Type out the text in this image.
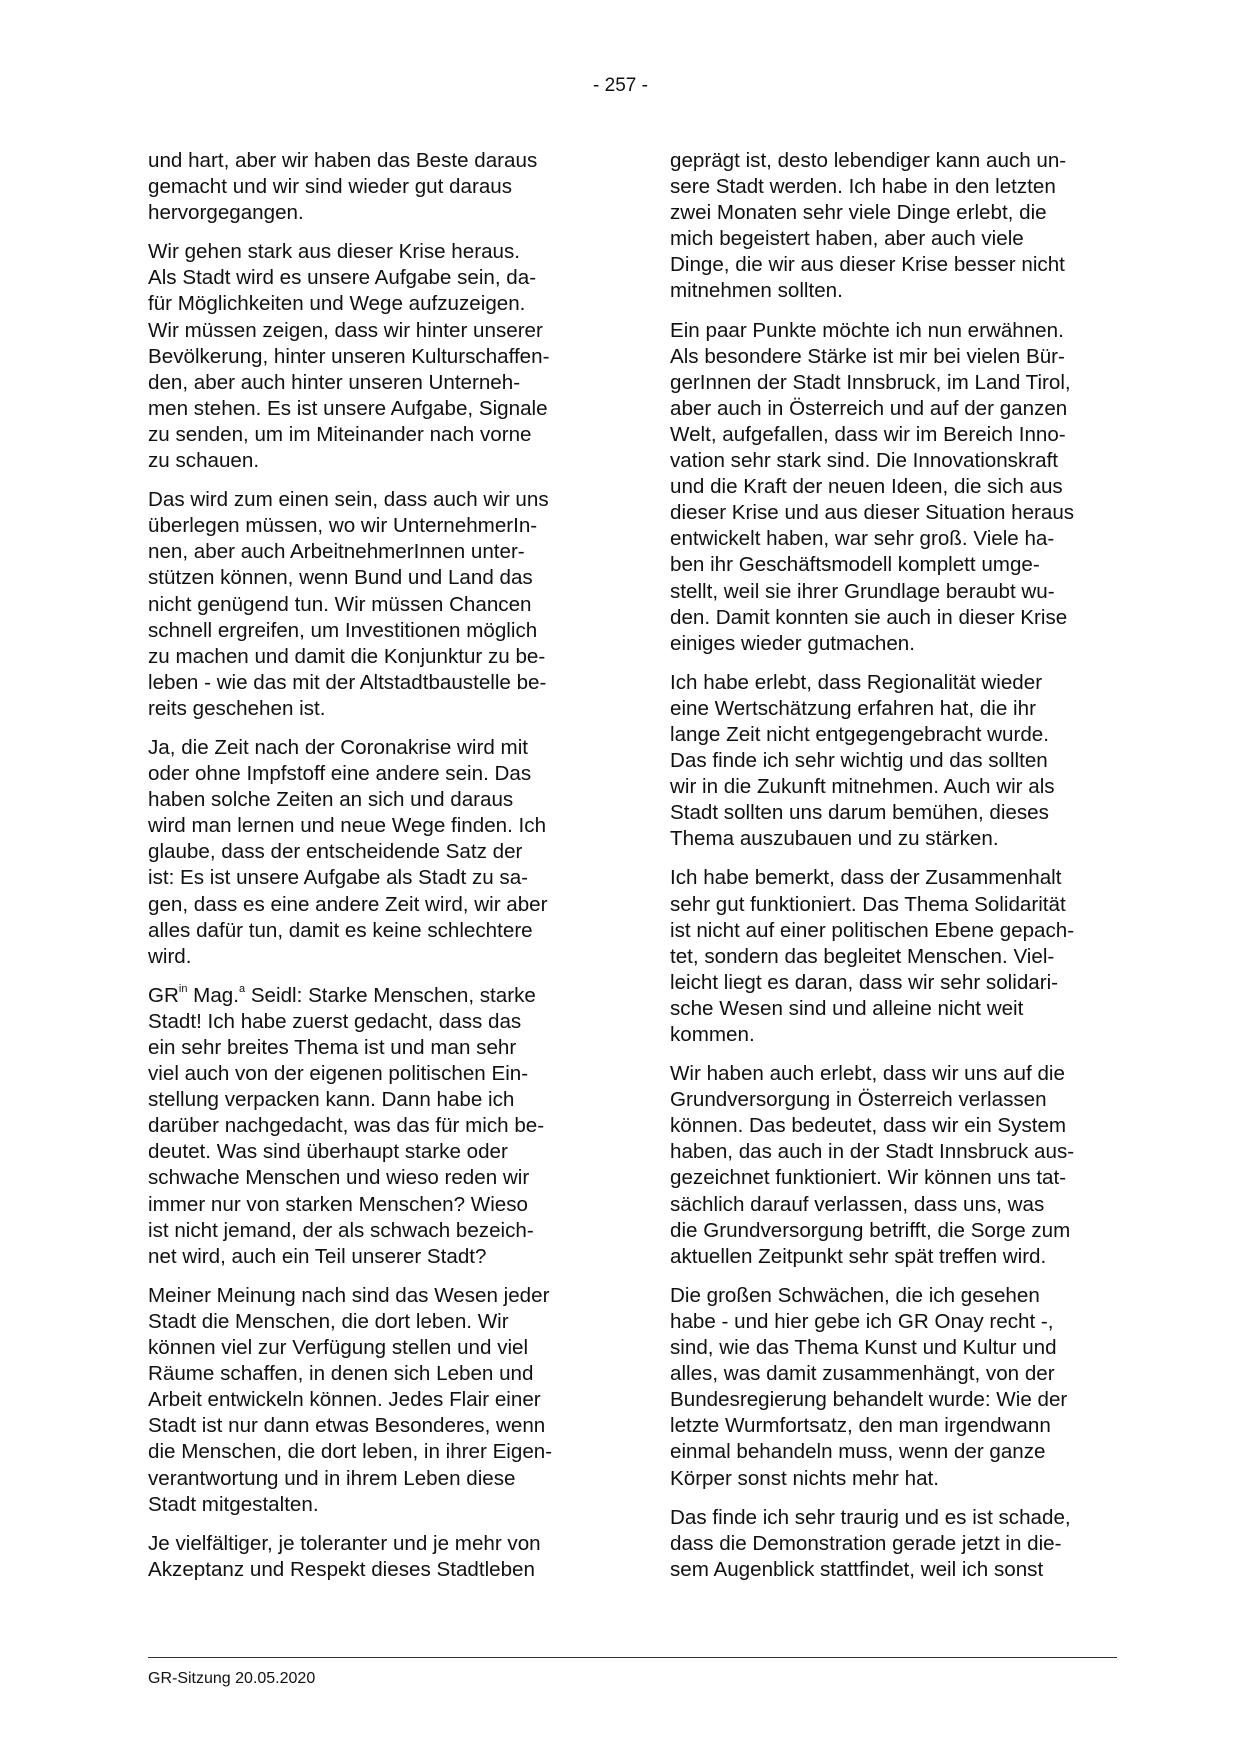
- 257 -

und hart, aber wir haben das Beste daraus
gemacht und wir sind wieder gut daraus
hervorgegangen.

Wir gehen stark aus dieser Krise heraus.
Als Stadt wird es unsere Aufgabe sein, da-
für Möglichkeiten und Wege aufzuzeigen.
Wir müssen zeigen, dass wir hinter unserer
Bevölkerung, hinter unseren Kulturschaffen-
den, aber auch hinter unseren Unterneh-
men stehen. Es ist unsere Aufgabe, Signale
zu senden, um im Miteinander nach vorne
zu schauen.

Das wird zum einen sein, dass auch wir uns
überlegen müssen, wo wir UnternehmerIn-
nen, aber auch ArbeitnehmerInnen unter-
stützen können, wenn Bund und Land das
nicht genügend tun. Wir müssen Chancen
schnell ergreifen, um Investitionen möglich
zu machen und damit die Konjunktur zu be-
leben - wie das mit der Altstadtbaustelle be-
reits geschehen ist.

Ja, die Zeit nach der Coronakrise wird mit
oder ohne Impfstoff eine andere sein. Das
haben solche Zeiten an sich und daraus
wird man lernen und neue Wege finden. Ich
glaube, dass der entscheidende Satz der
ist: Es ist unsere Aufgabe als Stadt zu sa-
gen, dass es eine andere Zeit wird, wir aber
alles dafür tun, damit es keine schlechtere
wird.

$GR^{in}$ Mag.$^a$ Seidl: Starke Menschen, starke
Stadt! Ich habe zuerst gedacht, dass das
ein sehr breites Thema ist und man sehr
viel auch von der eigenen politischen Ein-
stellung verpacken kann. Dann habe ich
darüber nachgedacht, was das für mich be-
deutet. Was sind überhaupt starke oder
schwache Menschen und wieso reden wir
immer nur von starken Menschen? Wieso
ist nicht jemand, der als schwach bezeich-
net wird, auch ein Teil unserer Stadt?

Meiner Meinung nach sind das Wesen jeder
Stadt die Menschen, die dort leben. Wir
können viel zur Verfügung stellen und viel
Räume schaffen, in denen sich Leben und
Arbeit entwickeln können. Jedes Flair einer
Stadt ist nur dann etwas Besonderes, wenn
die Menschen, die dort leben, in ihrer Eigen-
verantwortung und in ihrem Leben diese
Stadt mitgestalten.

Je vielfältiger, je toleranter und je mehr von
Akzeptanz und Respekt dieses Stadtleben

geprägt ist, desto lebendiger kann auch un-
sere Stadt werden. Ich habe in den letzten
zwei Monaten sehr viele Dinge erlebt, die
mich begeistert haben, aber auch viele
Dinge, die wir aus dieser Krise besser nicht
mitnehmen sollten.

Ein paar Punkte möchte ich nun erwähnen.
Als besondere Stärke ist mir bei vielen Bür-
gerInnen der Stadt Innsbruck, im Land Tirol,
aber auch in Österreich und auf der ganzen
Welt, aufgefallen, dass wir im Bereich Inno-
vation sehr stark sind. Die Innovationskraft
und die Kraft der neuen Ideen, die sich aus
dieser Krise und aus dieser Situation heraus
entwickelt haben, war sehr groß. Viele ha-
ben ihr Geschäftsmodell komplett umge-
stellt, weil sie ihrer Grundlage beraubt wu-
den. Damit konnten sie auch in dieser Krise
einiges wieder gutmachen.

Ich habe erlebt, dass Regionalität wieder
eine Wertschätzung erfahren hat, die ihr
lange Zeit nicht entgegengebracht wurde.
Das finde ich sehr wichtig und das sollten
wir in die Zukunft mitnehmen. Auch wir als
Stadt sollten uns darum bemühen, dieses
Thema auszubauen und zu stärken.

Ich habe bemerkt, dass der Zusammenhalt
sehr gut funktioniert. Das Thema Solidarität
ist nicht auf einer politischen Ebene gepach-
tet, sondern das begleitet Menschen. Viel-
leicht liegt es daran, dass wir sehr solidari-
sche Wesen sind und alleine nicht weit
kommen.

Wir haben auch erlebt, dass wir uns auf die
Grundversorgung in Österreich verlassen
können. Das bedeutet, dass wir ein System
haben, das auch in der Stadt Innsbruck aus-
gezeichnet funktioniert. Wir können uns tat-
sächlich darauf verlassen, dass uns, was
die Grundversorgung betrifft, die Sorge zum
aktuellen Zeitpunkt sehr spät treffen wird.

Die großen Schwächen, die ich gesehen
habe - und hier gebe ich GR Onay recht -,
sind, wie das Thema Kunst und Kultur und
alles, was damit zusammenhängt, von der
Bundesregierung behandelt wurde: Wie der
letzte Wurmfortsatz, den man irgendwann
einmal behandeln muss, wenn der ganze
Körper sonst nichts mehr hat.

Das finde ich sehr traurig und es ist schade,
dass die Demonstration gerade jetzt in die-
sem Augenblick stattfindet, weil ich sonst

GR-Sitzung 20.05.2020
